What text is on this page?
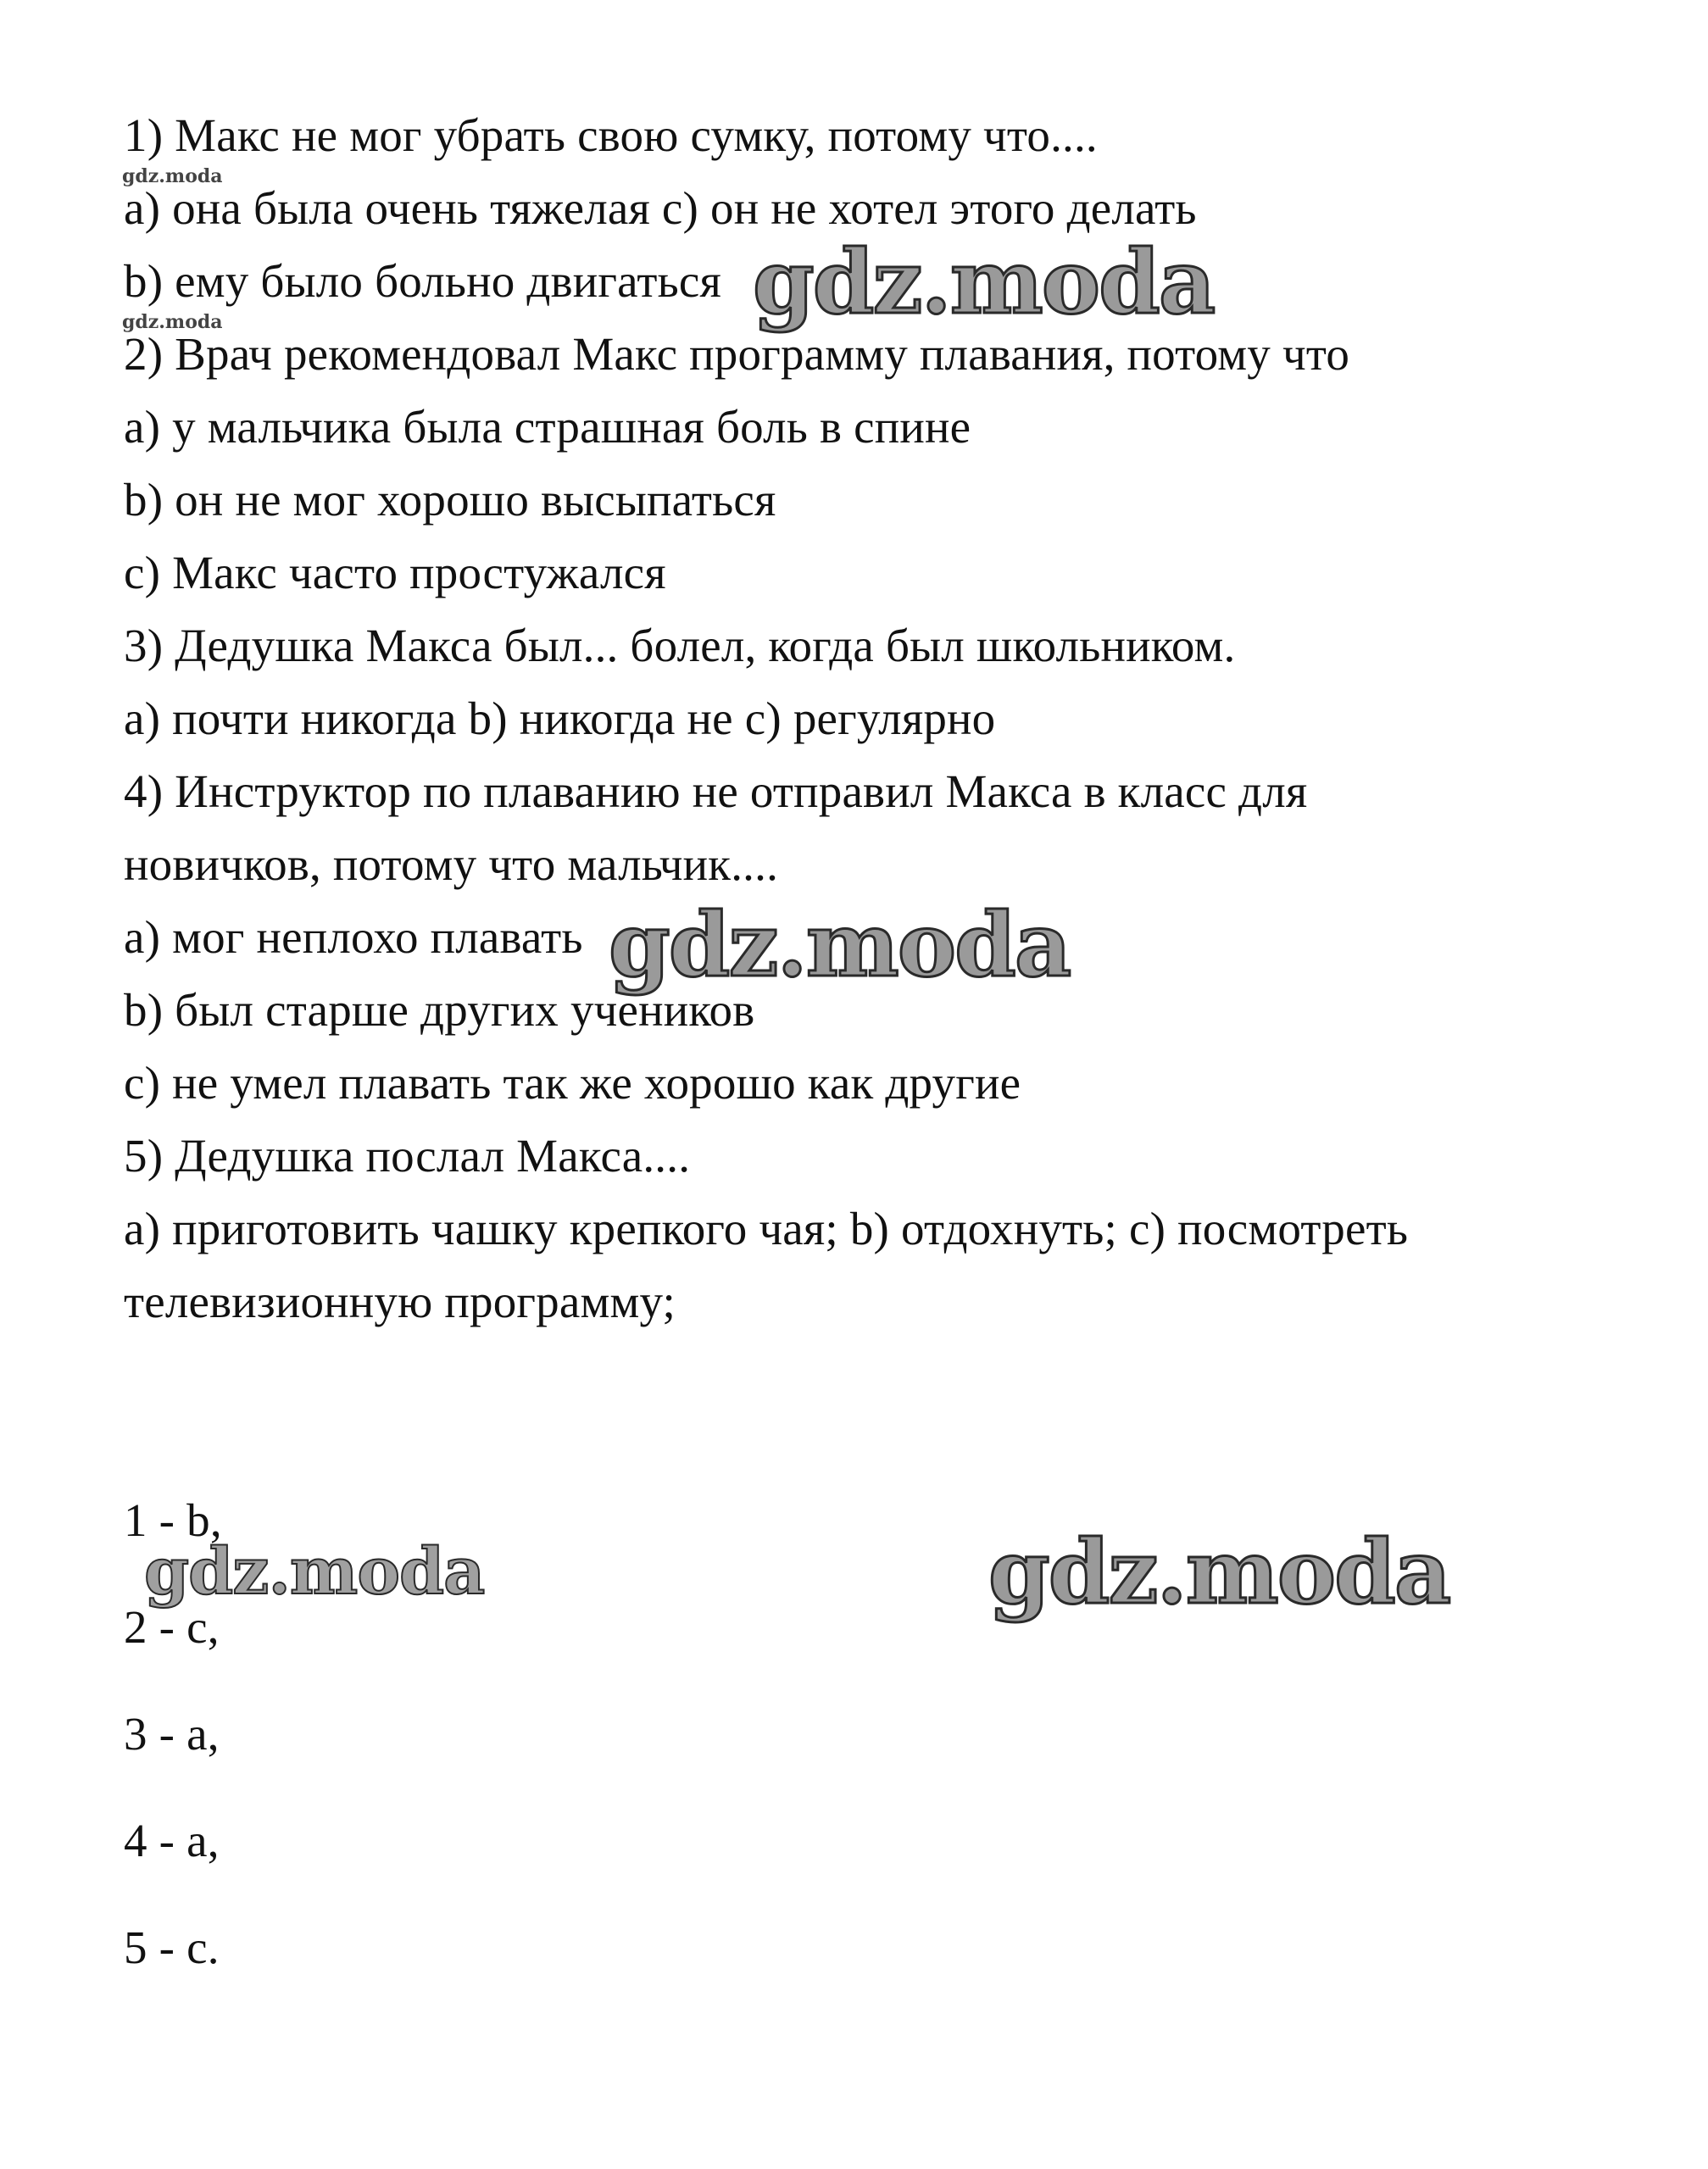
1) Макс не мог убрать свою сумку, потому что....
а) она была очень тяжелая с) он не хотел этого делать
b) ему было больно двигаться
2) Врач рекомендовал Макс программу плавания, потому что
а) у мальчика была страшная боль в спине
b) он не мог хорошо высыпаться
с) Макс часто простужался
3) Дедушка Макса был... болел, когда был школьником.
а) почти никогда b) никогда не с) регулярно
4) Инструктор по плаванию не отправил Макса в класс для
новичков, потому что мальчик....
а) мог неплохо плавать
b) был старше других учеников
с) не умел плавать так же хорошо как другие
5) Дедушка послал Макса....
а) приготовить чашку крепкого чая; b) отдохнуть; с) посмотреть
телевизионную программу;
1 - b,
2 - c,
3 - a,
4 - a,
5 - c.
gdz.moda
gdz.moda	gdz.moda
gdz.moda
gdz.moda	gdz.moda
